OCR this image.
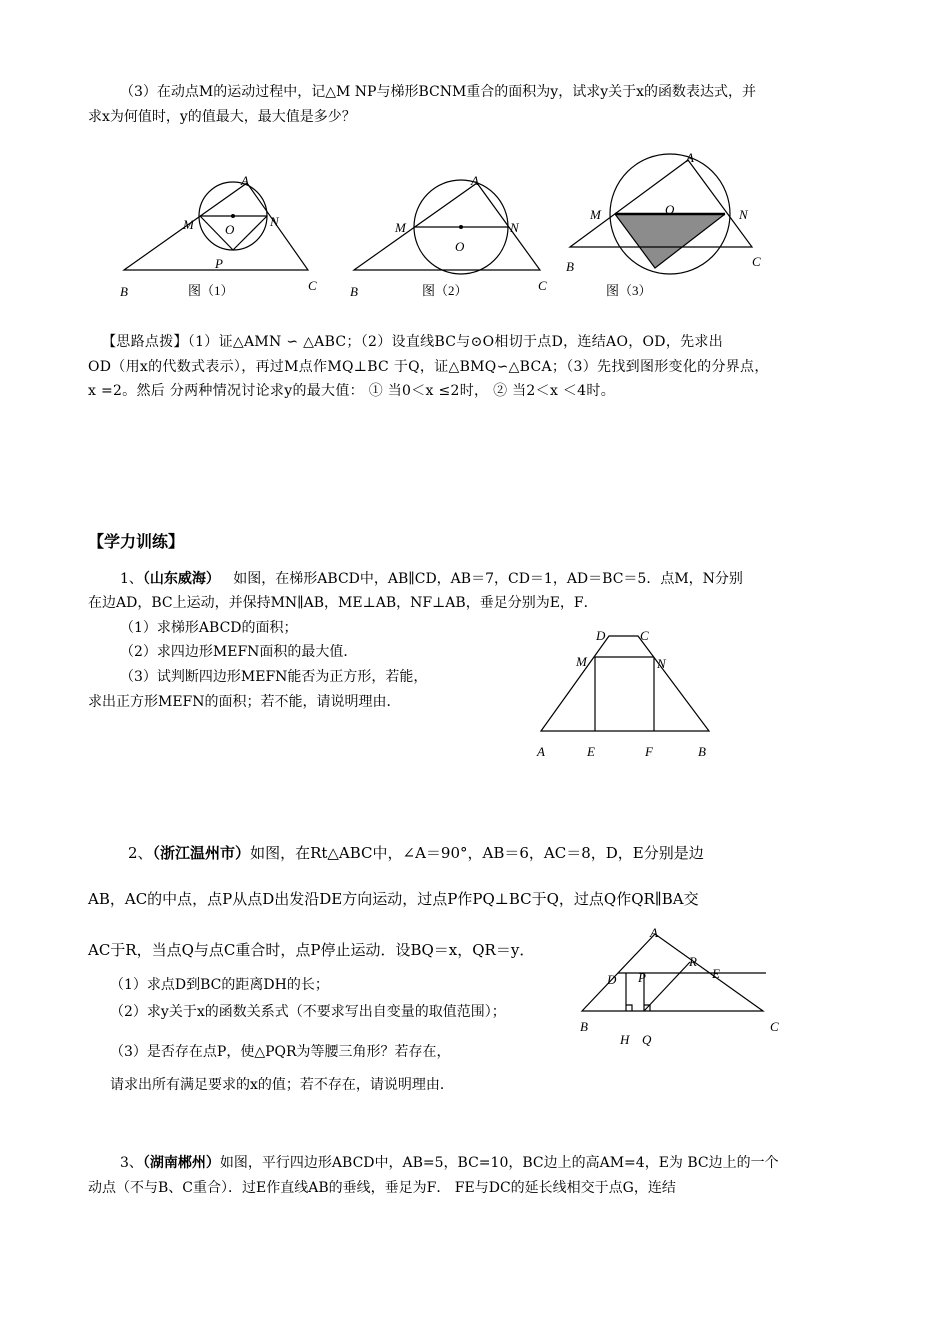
（3）在动点M的运动过程中，记△M NP与梯形BCNM重合的面积为y，试求y关于x的函数表达式，并
求x为何值时，y的值最大，最大值是多少？
A
M	N
O
P
B	C
图（1）
A
M	N
O
B	C
图（2）
A
M	N
O
B	C
图（3）
【思路点拨】（1）证△AMN ∽ △ABC；（2）设直线BC与⊙O相切于点D，连结AO，OD，先求出
OD（用x的代数式表示），再过M点作MQ⊥BC 于Q，证△BMQ∽△BCA；（3）先找到图形变化的分界点，
x =2。然后 分两种情况讨论求y的最大值： ① 当0＜x ≤2时， ② 当2＜x ＜4时。
【学力训练】
1、（山东威海） 如图，在梯形ABCD中，AB∥CD，AB＝7，CD＝1，AD＝BC＝5．点M，N分别
在边AD，BC上运动，并保持MN∥AB，ME⊥AB，NF⊥AB，垂足分别为E，F．
（1）求梯形ABCD的面积；
（2）求四边形MEFN面积的最大值．
（3）试判断四边形MEFN能否为正方形，若能，
求出正方形MEFN的面积；若不能，请说明理由．
D	C
M	N
A	E	F	B
2、（浙江温州市）如图，在Rt△ABC中，∠A＝90°，AB＝6，AC＝8，D，E分别是边
AB，AC的中点，点P从点D出发沿DE方向运动，过点P作PQ⊥BC于Q，过点Q作QR∥BA交
AC于R，当点Q与点C重合时，点P停止运动．设BQ＝x，QR＝y．
（1）求点D到BC的距离DH的长；
（2）求y关于x的函数关系式（不要求写出自变量的取值范围）；
（3）是否存在点P，使△PQR为等腰三角形？若存在，
请求出所有满足要求的x的值；若不存在，请说明理由．
A
D P
R
E
B
H Q
C
3、（湖南郴州）如图，平行四边形ABCD中，AB=5，BC=10，BC边上的高AM=4，E为 BC边上的一个
动点（不与B、C重合）．过E作直线AB的垂线，垂足为F． FE与DC的延长线相交于点G，连结
